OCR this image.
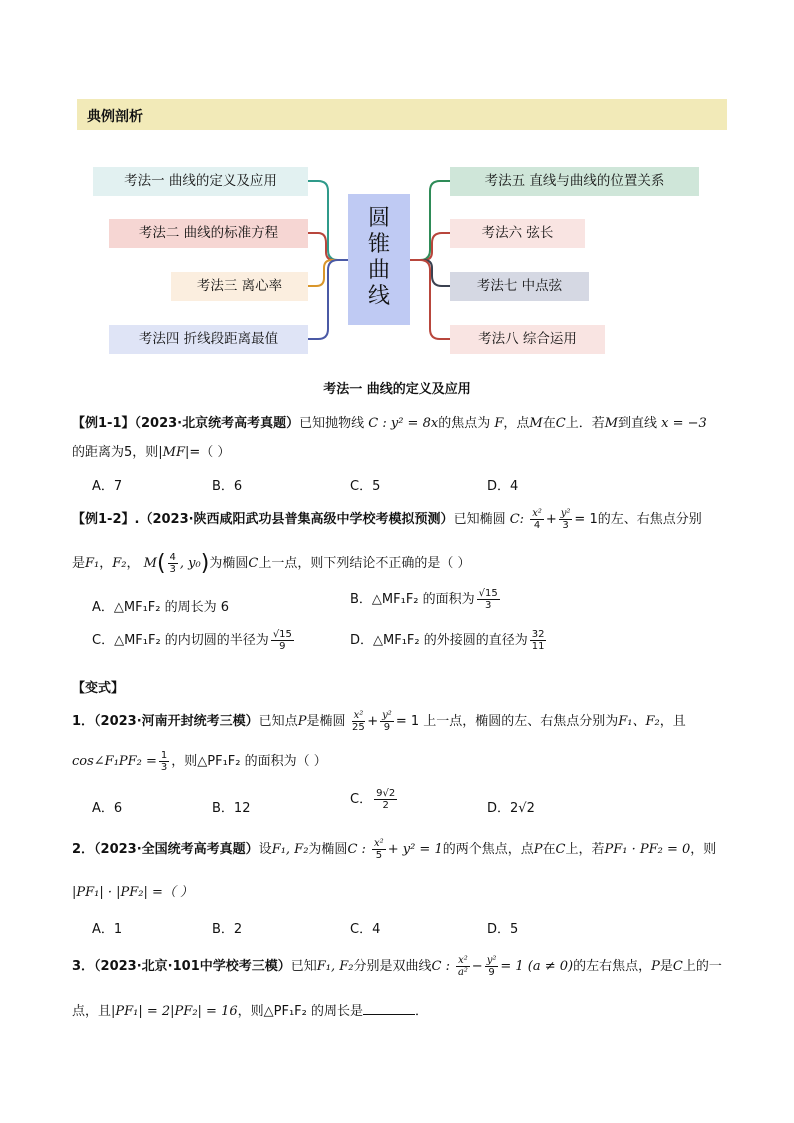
典例剖析
考法一 曲线的定义及应用
考法二 曲线的标准方程
考法三 离心率
考法四 折线段距离最值
圆
锥
曲
线
考法五 直线与曲线的位置关系
考法六 弦长
考法七 中点弦
考法八 综合运用
考法一 曲线的定义及应用
【例1-1】（2023·北京统考高考真题）已知抛物线 C : y² = 8x的焦点为 F，点M在C上．若M到直线 x = −3
的距离为5，则|MF|=（ ）
A．7	B．6	C．5	D．4
【例1-2】.（2023·陕西咸阳武功县普集高级中学校考模拟预测）已知椭圆 C: $\frac{\text{x²}}{4} + \frac{\text{y²}}{3} = 1$的左、右焦点分别
是F₁，F₂， $M( \frac{4}{3}$ , y₀)为椭圆C上一点，则下列结论不正确的是（ ）
A．△MF₁F₂ 的周长为 6
B．△MF₁F₂ 的面积为 $\frac{√15}{3}$
C．△MF₁F₂ 的内切圆的半径为 $\frac{√15}{9}$	D．△MF₁F₂ 的外接圆的直径为 $\frac{32}{11}$
【变式】
1．（2023·河南开封统考三模）已知点P是椭圆 $\frac{\text{x²}}{25} + \frac{\text{y²}}{9} = 1$ 上一点，椭圆的左、右焦点分别为F₁、F₂，且
cos∠F₁PF₂ = $\frac{1}{3}$ ，则△PF₁F₂ 的面积为（ ）
A．6	B．12
C． $\frac{9√2}{2}$	D．2√2
2．（2023·全国统考高考真题）设F₁, F₂为椭圆C : $\frac{\text{x²}}{5} + y^2 = 1$的两个焦点，点P在C上，若PF₁ · PF₂ = 0，则
|PF₁| · |PF₂| =（ ）
A．1	B．2	C．4	D．5
3．（2023·北京·101中学校考三模）已知F₁, F₂分别是双曲线C : $\frac{\text{x²}}{\text{a²}} - \frac{\text{y²}}{9} = 1$ (a ≠ 0)的左右焦点，P是C上的一
点，且|PF₁| = 2|PF₂| = 16，则△PF₁F₂ 的周长是	．
